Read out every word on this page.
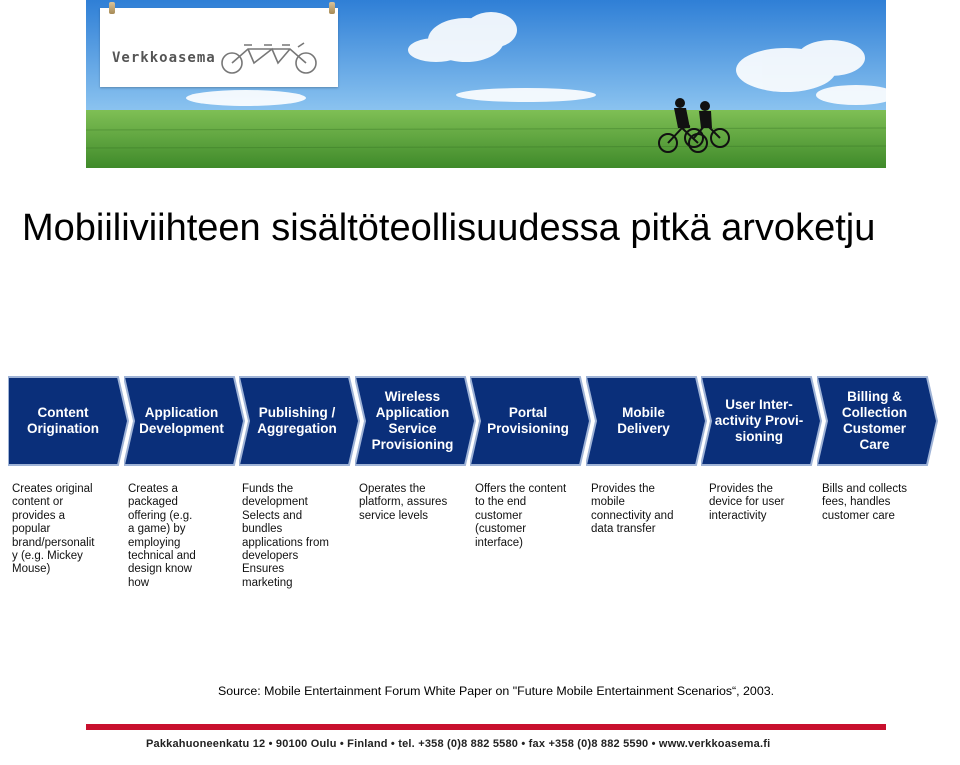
Verkkoasema
Mobiiliviihteen sisältöteollisuudessa pitkä arvoketju
Content
Origination
Application
Development
Publishing /
Aggregation
Wireless
Application
Service
Provisioning
Portal
Provisioning
Mobile
Delivery
User Inter-
activity Provi-
sioning
Billing &
Collection
Customer
Care
Creates original
content or
provides a
popular
brand/personalit
y (e.g. Mickey
Mouse)
Creates a
packaged
offering (e.g.
a game) by
employing
technical and
design know
how
Funds the
development
Selects and
bundles
applications from
developers
Ensures
marketing
Operates the
platform, assures
service levels
Offers the content
to the end
customer
(customer
interface)
Provides the
mobile
connectivity and
data transfer
Provides the
device for user
interactivity
Bills and collects
fees, handles
customer care
Source: Mobile Entertainment Forum White Paper on "Future Mobile Entertainment Scenarios“, 2003.
Pakkahuoneenkatu 12 • 90100 Oulu • Finland • tel. +358 (0)8 882 5580 • fax +358 (0)8 882 5590 • www.verkkoasema.fi
